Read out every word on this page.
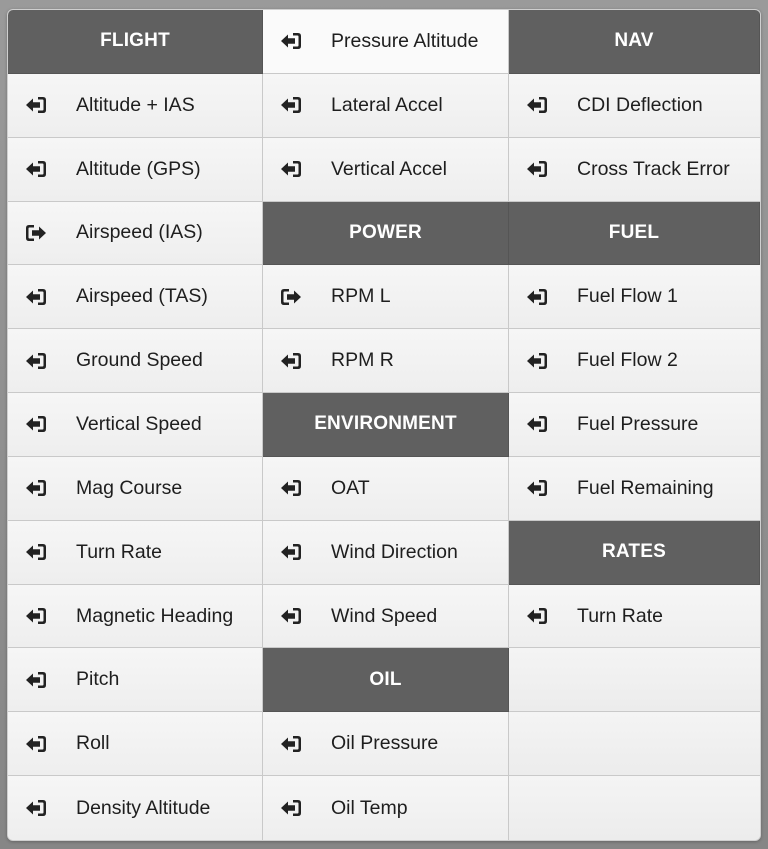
FLIGHT	Pressure Altitude	NAV
Altitude + IAS	Lateral Accel	CDI Deflection
Altitude (GPS)	Vertical Accel	Cross Track Error
Airspeed (IAS)	POWER	FUEL
Airspeed (TAS)	RPM L	Fuel Flow 1
Ground Speed	RPM R	Fuel Flow 2
Vertical Speed	ENVIRONMENT	Fuel Pressure
Mag Course	OAT	Fuel Remaining
Turn Rate	Wind Direction	RATES
Magnetic Heading	Wind Speed	Turn Rate
Pitch	OIL
Roll	Oil Pressure
Density Altitude	Oil Temp
